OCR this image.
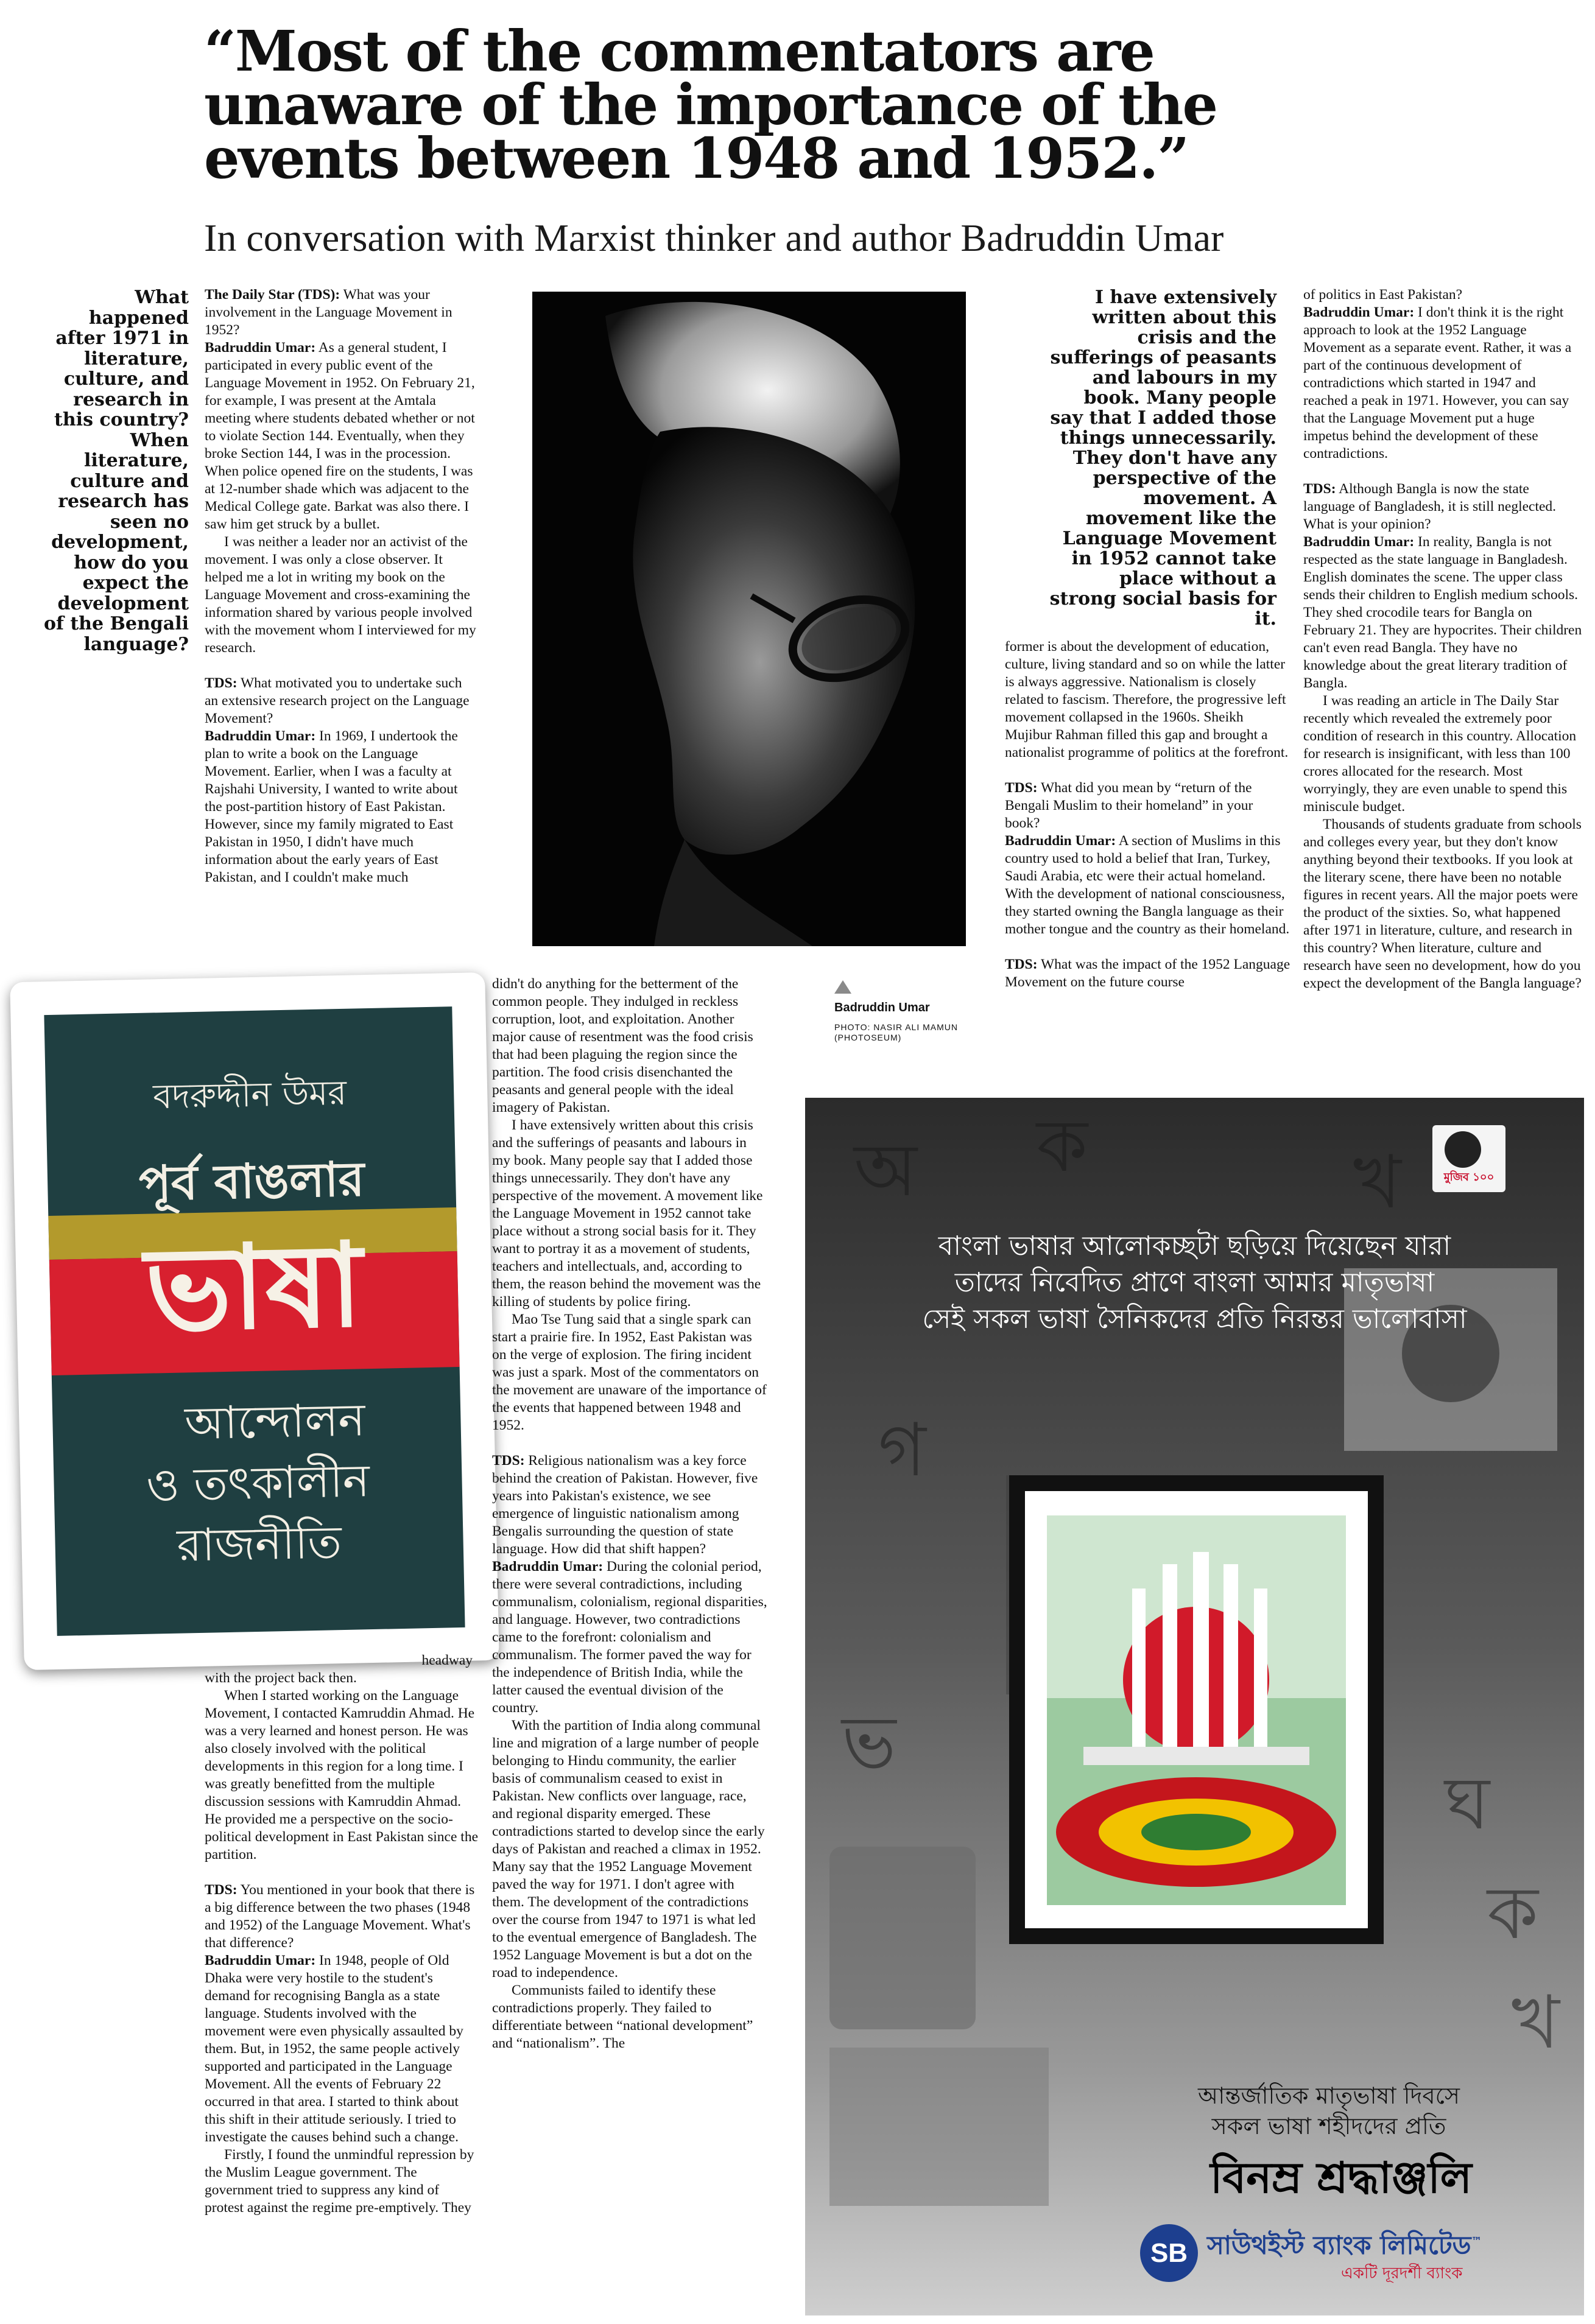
“Most of the commentators are unaware of the importance of the events between 1948 and 1952.”
In conversation with Marxist thinker and author Badruddin Umar
What happened after 1971 in literature, culture, and research in this country? When literature, culture and research has seen no development, how do you expect the development of the Bengali language?

The Daily Star (TDS): What was your involvement in the Language Movement in 1952?

Badruddin Umar: As a general student, I participated in every public event of the Language Movement in 1952. On February 21, for example, I was present at the Amtala meeting where students debated whether or not to violate Section 144. Eventually, when they broke Section 144, I was in the procession. When police opened fire on the students, I was at 12-number shade which was adjacent to the Medical College gate. Barkat was also there. I saw him get struck by a bullet.

I was neither a leader nor an activist of the movement. I was only a close observer. It helped me a lot in writing my book on the Language Movement and cross-examining the information shared by various people involved with the movement whom I interviewed for my research.

TDS: What motivated you to undertake such an extensive research project on the Language Movement?

Badruddin Umar: In 1969, I undertook the plan to write a book on the Language Movement. Earlier, when I was a faculty at Rajshahi University, I wanted to write about the post-partition history of East Pakistan. However, since my family migrated to East Pakistan in 1950, I didn't have much information about the early years of East Pakistan, and I couldn't make much

Badruddin Umar
PHOTO: NASIR ALI MAMUN (PHOTOSEUM)
I have extensively written about this crisis and the sufferings of peasants and labours in my book. Many people say that I added those things unnecessarily. They don't have any perspective of the movement. A movement like the Language Movement in 1952 cannot take place without a strong social basis for it.

former is about the development of education, culture, living standard and so on while the latter is always aggressive. Nationalism is closely related to fascism. Therefore, the progressive left movement collapsed in the 1960s. Sheikh Mujibur Rahman filled this gap and brought a nationalist programme of politics at the forefront.

TDS: What did you mean by “return of the Bengali Muslim to their homeland” in your book?

Badruddin Umar: A section of Muslims in this country used to hold a belief that Iran, Turkey, Saudi Arabia, etc were their actual homeland. With the development of national consciousness, they started owning the Bangla language as their mother tongue and the country as their homeland.

TDS: What was the impact of the 1952 Language Movement on the future course

of politics in East Pakistan?

Badruddin Umar: I don't think it is the right approach to look at the 1952 Language Movement as a separate event. Rather, it was a part of the continuous development of contradictions which started in 1947 and reached a peak in 1971. However, you can say that the Language Movement put a huge impetus behind the development of these contradictions.

TDS: Although Bangla is now the state language of Bangladesh, it is still neglected. What is your opinion?

Badruddin Umar: In reality, Bangla is not respected as the state language in Bangladesh. English dominates the scene. The upper class sends their children to English medium schools. They shed crocodile tears for Bangla on February 21. They are hypocrites. Their children can't even read Bangla. They have no knowledge about the great literary tradition of Bangla.

I was reading an article in The Daily Star recently which revealed the extremely poor condition of research in this country. Allocation for research is insignificant, with less than 100 crores allocated for the research. Most worryingly, they are even unable to spend this miniscule budget.

Thousands of students graduate from schools and colleges every year, but they don't know anything beyond their textbooks. If you look at the literary scene, there have been no notable figures in recent years. All the major poets were the product of the sixties. So, what happened after 1971 in literature, culture, and research in this country? When literature, culture and research have seen no development, how do you expect the development of the Bangla language?

বদরুদ্দীন উমর
পূর্ব বাঙলার
ভাষা
আন্দোলন
ও তৎকালীন
রাজনীতি

didn't do anything for the betterment of the common people. They indulged in reckless corruption, loot, and exploitation. Another major cause of resentment was the food crisis that had been plaguing the region since the partition. The food crisis disenchanted the peasants and general people with the ideal imagery of Pakistan.

I have extensively written about this crisis and the sufferings of peasants and labours in my book. Many people say that I added those things unnecessarily. They don't have any perspective of the movement. A movement like the Language Movement in 1952 cannot take place without a strong social basis for it. They want to portray it as a movement of students, teachers and intellectuals, and, according to them, the reason behind the movement was the killing of students by police firing.

Mao Tse Tung said that a single spark can start a prairie fire. In 1952, East Pakistan was on the verge of explosion. The firing incident was just a spark. Most of the commentators on the movement are unaware of the importance of the events that happened between 1948 and 1952.

TDS: Religious nationalism was a key force behind the creation of Pakistan. However, five years into Pakistan's existence, we see emergence of linguistic nationalism among Bengalis surrounding the question of state language. How did that shift happen?

Badruddin Umar: During the colonial period, there were several contradictions, including communalism, colonialism, regional disparities, and language. However, two contradictions came to the forefront: colonialism and communalism. The former paved the way for the independence of British India, while the latter caused the eventual division of the country.

With the partition of India along communal line and migration of a large number of people belonging to Hindu community, the earlier basis of communalism ceased to exist in Pakistan. New conflicts over language, race, and regional disparity emerged. These contradictions started to develop since the early days of Pakistan and reached a climax in 1952. Many say that the 1952 Language Movement paved the way for 1971. I don't agree with them. The development of the contradictions over the course from 1947 to 1971 is what led to the eventual emergence of Bangladesh. The 1952 Language Movement is but a dot on the road to independence.

Communists failed to identify these contradictions properly. They failed to differentiate between “national development” and “nationalism”. The

headway

with the project back then.

When I started working on the Language Movement, I contacted Kamruddin Ahmad. He was a very learned and honest person. He was also closely involved with the political developments in this region for a long time. I was greatly benefitted from the multiple discussion sessions with Kamruddin Ahmad. He provided me a perspective on the socio-political development in East Pakistan since the partition.

TDS: You mentioned in your book that there is a big difference between the two phases (1948 and 1952) of the Language Movement. What's that difference?

Badruddin Umar: In 1948, people of Old Dhaka were very hostile to the student's demand for recognising Bangla as a state language. Students involved with the movement were even physically assaulted by them. But, in 1952, the same people actively supported and participated in the Language Movement. All the events of February 22 occurred in that area. I started to think about this shift in their attitude seriously. I tried to investigate the causes behind such a change.

Firstly, I found the unmindful repression by the Muslim League government. The government tried to suppress any kind of protest against the regime pre-emptively. They

অ ক	খ
গ
ক
খ
ভ
ঘ
মুজিব ১০০
বাংলা ভাষার আলোকচ্ছটা ছড়িয়ে দিয়েছেন যারা
তাদের নিবেদিত প্রাণে বাংলা আমার মাতৃভাষা
সেই সকল ভাষা সৈনিকদের প্রতি নিরন্তর ভালোবাসা
আন্তর্জাতিক মাতৃভাষা দিবসে
সকল ভাষা শহীদদের প্রতি
বিনম্র শ্রদ্ধাঞ্জলি
SB সাউথইস্ট ব্যাংক লিমিটেড™
একটি দূরদর্শী ব্যাংক
